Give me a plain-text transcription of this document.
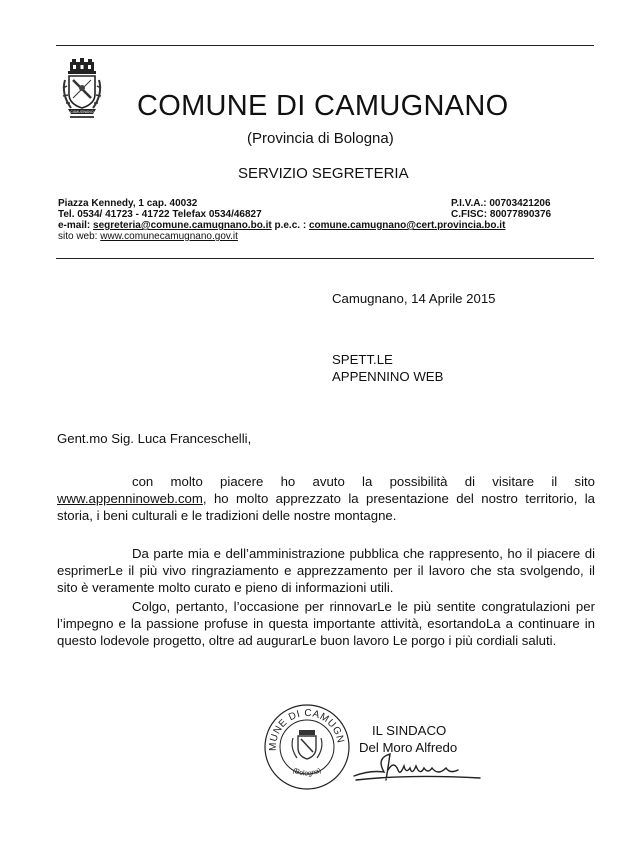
CAMUGNANO COMUNE DI CAMUGNANO
(Provincia di Bologna)
SERVIZIO SEGRETERIA
Piazza Kennedy, 1 cap. 40032
Tel. 0534/ 41723 - 41722 Telefax 0534/46827
e-mail: segreteria@comune.camugnano.bo.it p.e.c. : comune.camugnano@cert.provincia.bo.it
sito web: www.comunecamugnano.gov.it
P.I.V.A.: 00703421206
C.FISC: 80077890376
Camugnano, 14 Aprile 2015
SPETT.LE
APPENNINO WEB
Gent.mo Sig. Luca Franceschelli,
con molto piacere ho avuto la possibilità di visitare il sito
www.appenninoweb.com, ho molto apprezzato la presentazione del nostro territorio, la storia, i beni culturali e le tradizioni delle nostre montagne.
Da parte mia e dell’amministrazione pubblica che rappresento, ho il piacere di esprimerLe il più vivo ringraziamento e apprezzamento per il lavoro che sta svolgendo, il sito è veramente molto curato e pieno di informazioni utili.
Colgo, pertanto, l’occasione per rinnovarLe le più sentite congratulazioni per l’impegno e la passione profuse in questa importante attività, esortandoLa a continuare in questo lodevole progetto, oltre ad augurarLe buon lavoro Le porgo i più cordiali saluti.
MUNE DI CAMUGN
(Bologna)
IL SINDACO
Del Moro Alfredo
